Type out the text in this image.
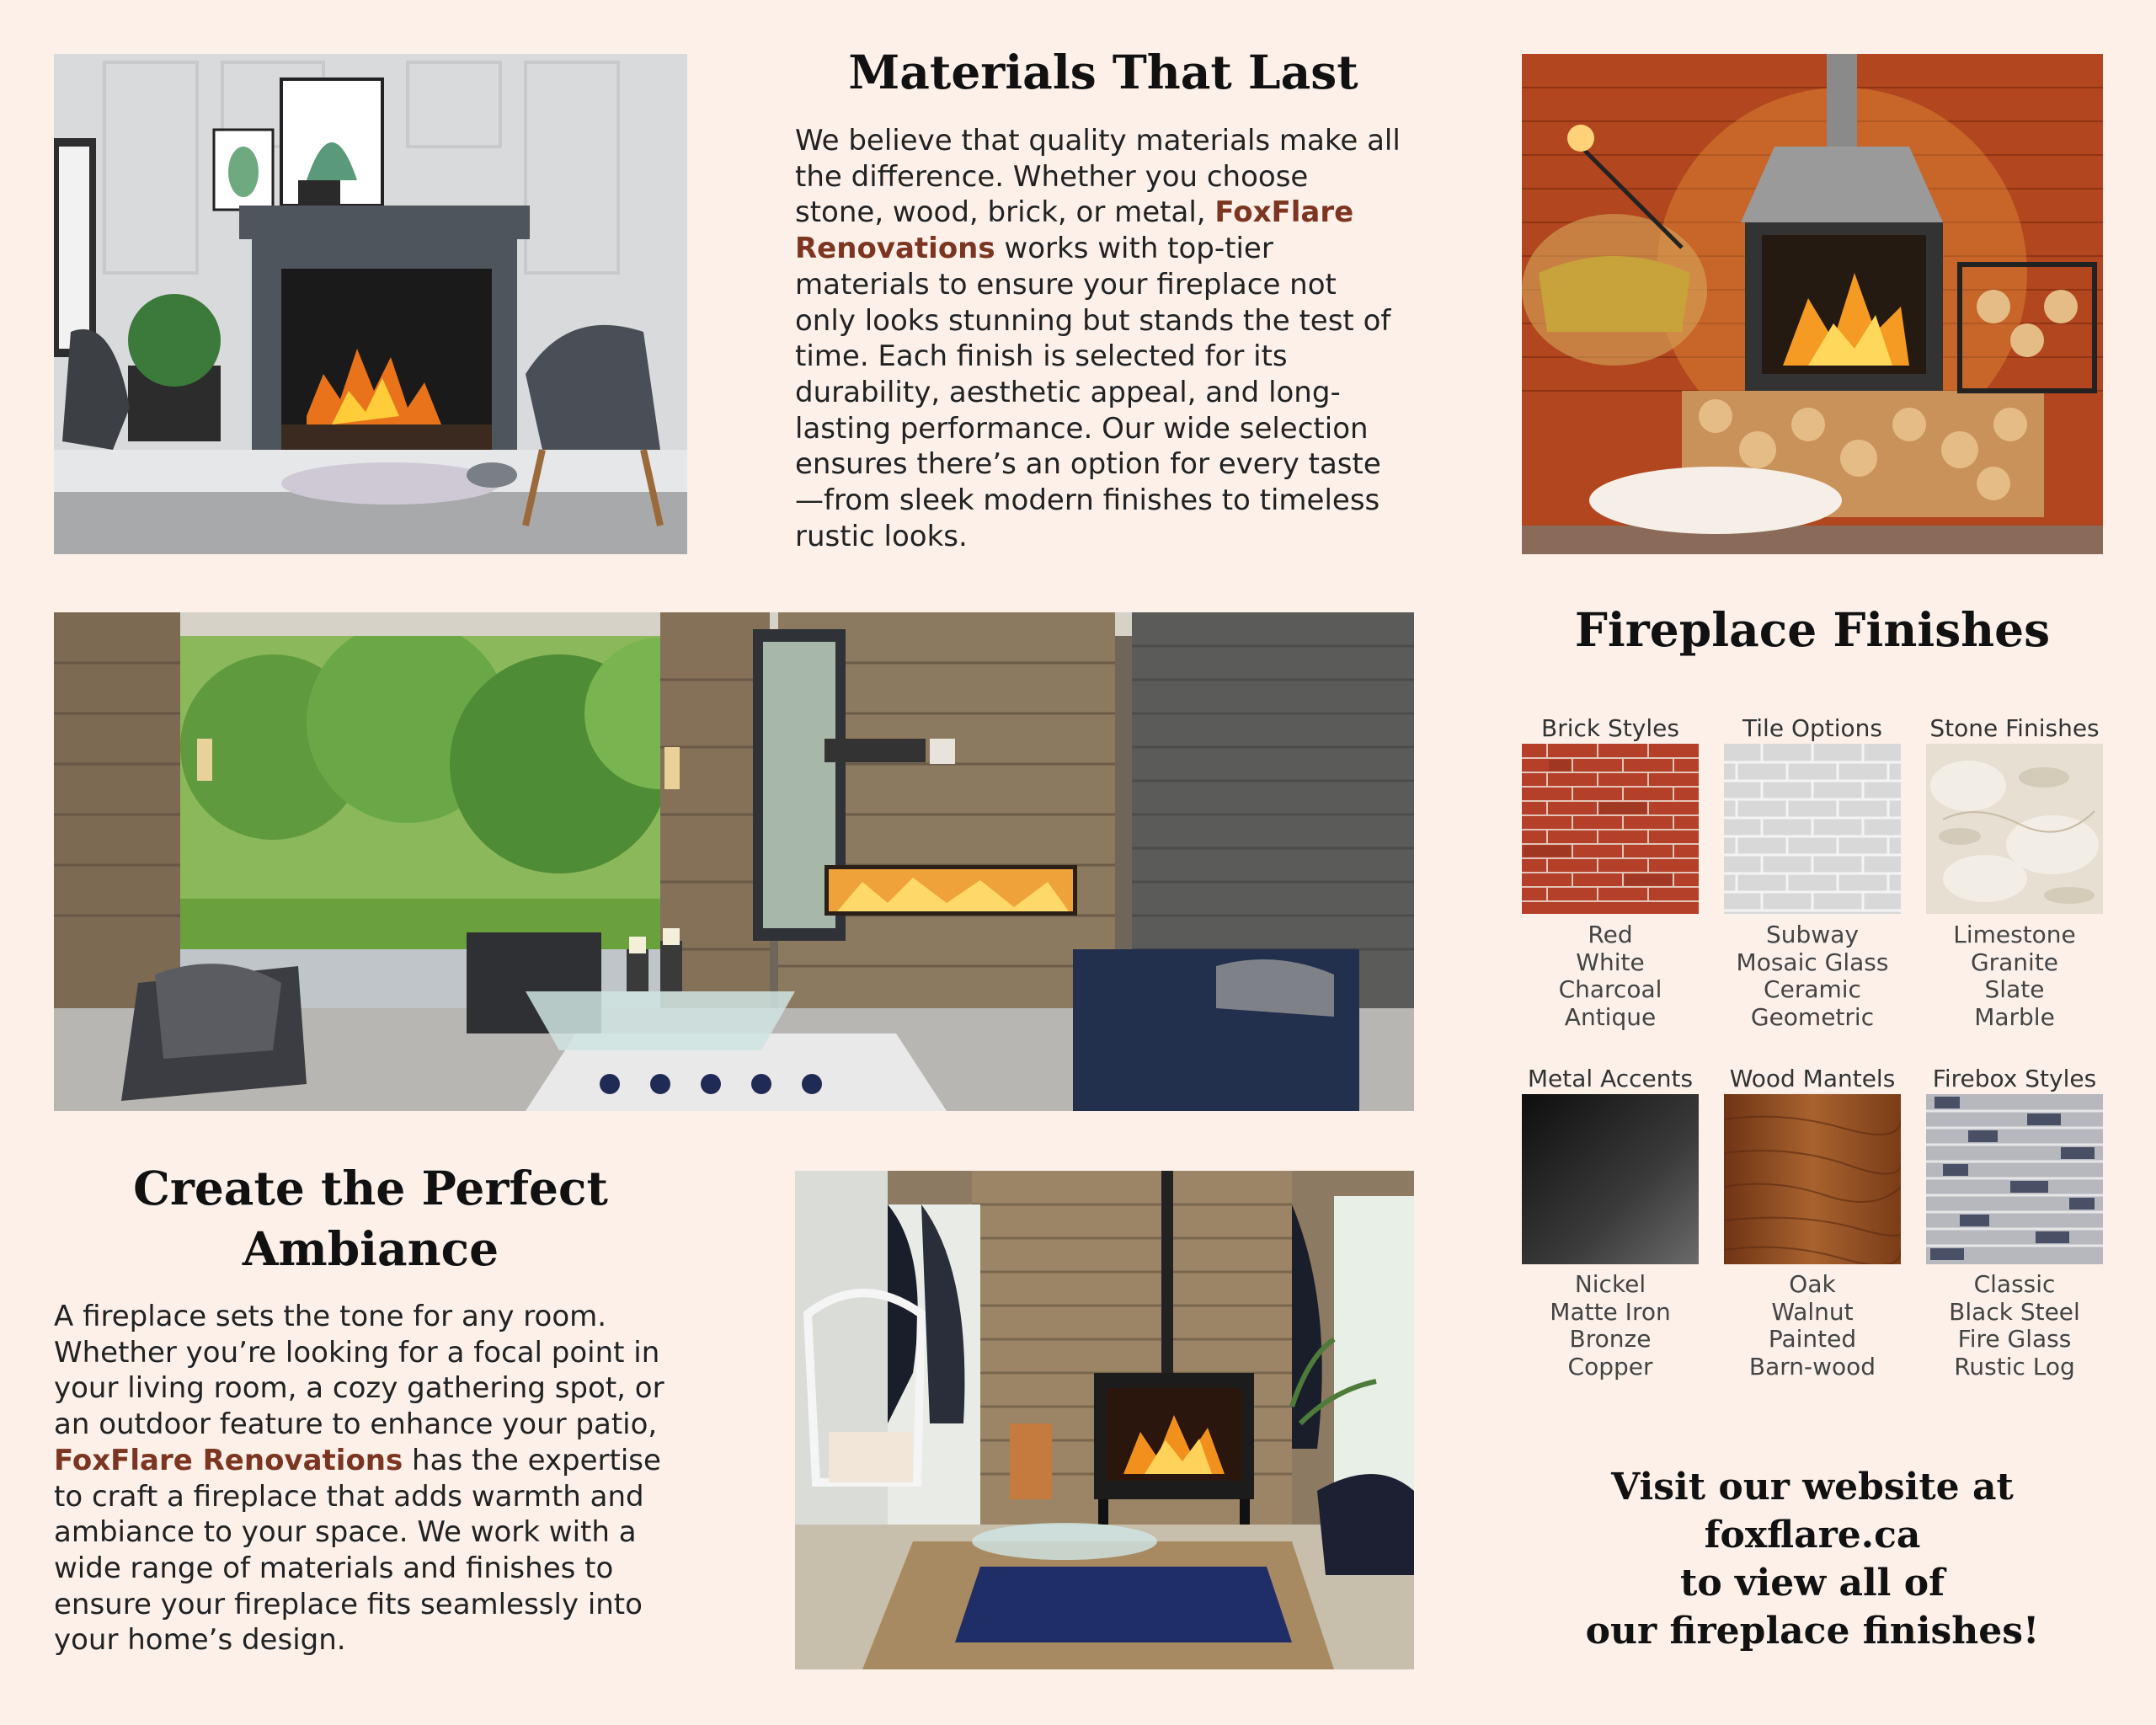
Materials That Last

We believe that quality materials make all the difference. Whether you choose stone, wood, brick, or metal, FoxFlare Renovations works with top-tier materials to ensure your fireplace not only looks stunning but stands the test of time. Each finish is selected for its durability, aesthetic appeal, and long-lasting performance. Our wide selection ensures there’s an option for every taste—from sleek modern finishes to timeless rustic looks.

Create the Perfect
Ambiance

A fireplace sets the tone for any room. Whether you’re looking for a focal point in your living room, a cozy gathering spot, or an outdoor feature to enhance your patio, FoxFlare Renovations has the expertise to craft a fireplace that adds warmth and ambiance to your space. We work with a wide range of materials and finishes to ensure your fireplace fits seamlessly into your home’s design.

Fireplace Finishes
Brick Styles	Tile Options	Stone Finishes
Red
White
Charcoal
Antique
Subway
Mosaic Glass
Ceramic
Geometric
Limestone
Granite
Slate
Marble
Metal Accents Wood Mantels Firebox Styles
Nickel
Matte Iron
Bronze
Copper
Oak
Walnut
Painted
Barn-wood
Classic
Black Steel
Fire Glass
Rustic Log
Visit our website at foxflare.ca
to view all of
our fireplace finishes!
